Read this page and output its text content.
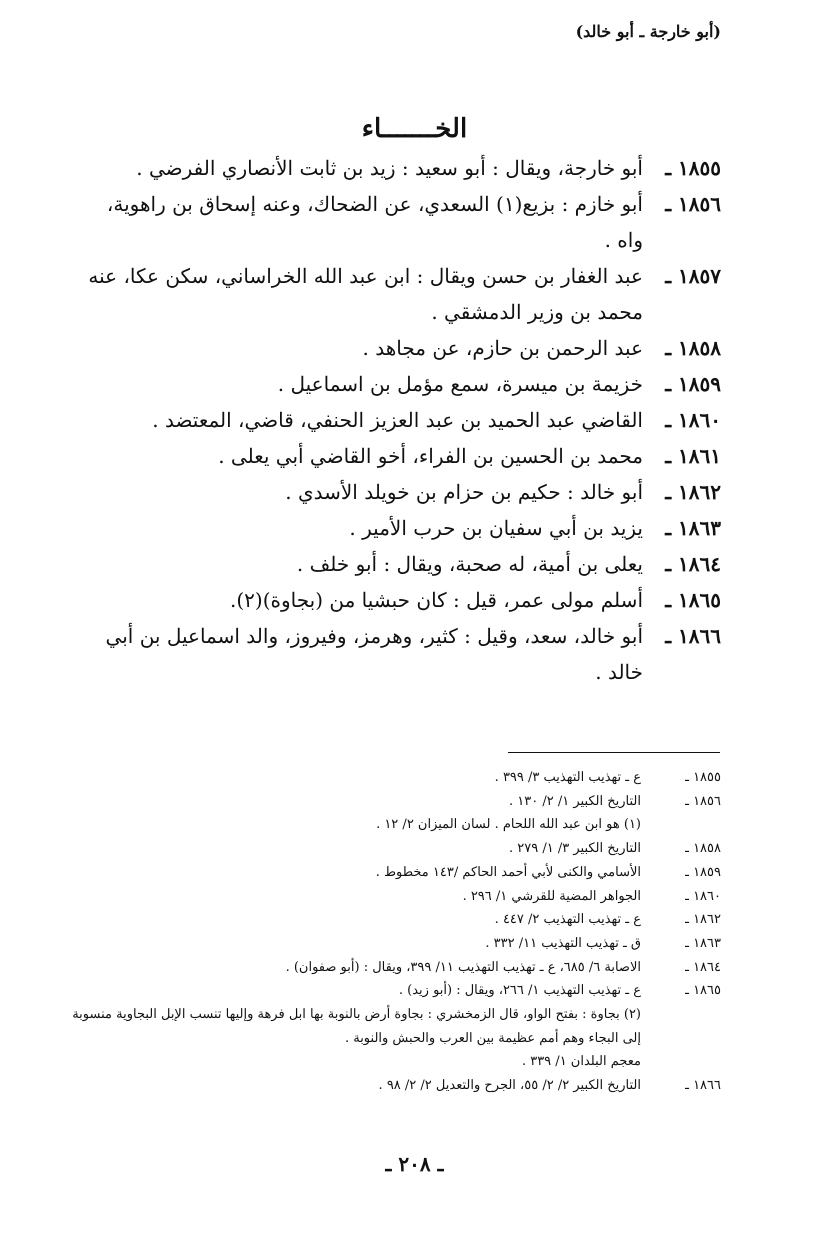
(أبو خارجة ـ أبو خالد)
الخـــــــاء
١٨٥٥ ـ
أبو خارجة، ويقال : أبو سعيد : زيد بن ثابت الأنصاري الفرضي .
١٨٥٦ ـ
أبو خازم : بزيع(١) السعدي، عن الضحاك، وعنه إسحاق بن راهوية، واه .
١٨٥٧ ـ
عبد الغفار بن حسن ويقال : ابن عبد الله الخراساني، سكن عكا، عنه محمد بن وزير الدمشقي .
١٨٥٨ ـ
عبد الرحمن بن حازم، عن مجاهد .
١٨٥٩ ـ
خزيمة بن ميسرة، سمع مؤمل بن اسماعيل .
١٨٦٠ ـ
القاضي عبد الحميد بن عبد العزيز الحنفي، قاضي، المعتضد .
١٨٦١ ـ
محمد بن الحسين بن الفراء، أخو القاضي أبي يعلى .
١٨٦٢ ـ
أبو خالد : حكيم بن حزام بن خويلد الأسدي .
١٨٦٣ ـ
يزيد بن أبي سفيان بن حرب الأمير .
١٨٦٤ ـ
يعلى بن أمية، له صحبة، ويقال : أبو خلف .
١٨٦٥ ـ
أسلم مولى عمر، قيل : كان حبشيا من (بجاوة)(٢).
١٨٦٦ ـ
أبو خالد، سعد، وقيل : كثير، وهرمز، وفيروز، والد اسماعيل بن أبي خالد .
١٨٥٥ ـ
ع ـ تهذيب التهذيب ٣/ ٣٩٩ .
١٨٥٦ ـ
التاريخ الكبير ١/ ٢/ ١٣٠ .
(١) هو ابن عبد الله اللحام . لسان الميزان ٢/ ١٢ .
١٨٥٨ ـ
التاريخ الكبير ٣/ ١/ ٢٧٩ .
١٨٥٩ ـ
الأسامي والكنى لأبي أحمد الحاكم /١٤٣ مخطوط .
١٨٦٠ ـ
الجواهر المضية للقرشي ١/ ٢٩٦ .
١٨٦٢ ـ
ع ـ تهذيب التهذيب ٢/ ٤٤٧ .
١٨٦٣ ـ
ق ـ تهذيب التهذيب ١١/ ٣٣٢ .
١٨٦٤ ـ
الاصابة ٦/ ٦٨٥، ع ـ تهذيب التهذيب ١١/ ٣٩٩، ويقال : (أبو صفوان) .
١٨٦٥ ـ
ع ـ تهذيب التهذيب ١/ ٢٦٦، ويقال : (أبو زيد) .
(٢) بجاوة : بفتح الواو، قال الزمخشري : بجاوة أرض بالنوبة بها ابل فرهة وإليها تنسب الإبل البجاوية منسوبة إلى البجاء وهم أمم عظيمة بين العرب والحبش والنوبة .
معجم البلدان ١/ ٣٣٩ .
١٨٦٦ ـ
التاريخ الكبير ٢/ ٢/ ٥٥، الجرح والتعديل ٢/ ٢/ ٩٨ .
ـ ٢٠٨ ـ
